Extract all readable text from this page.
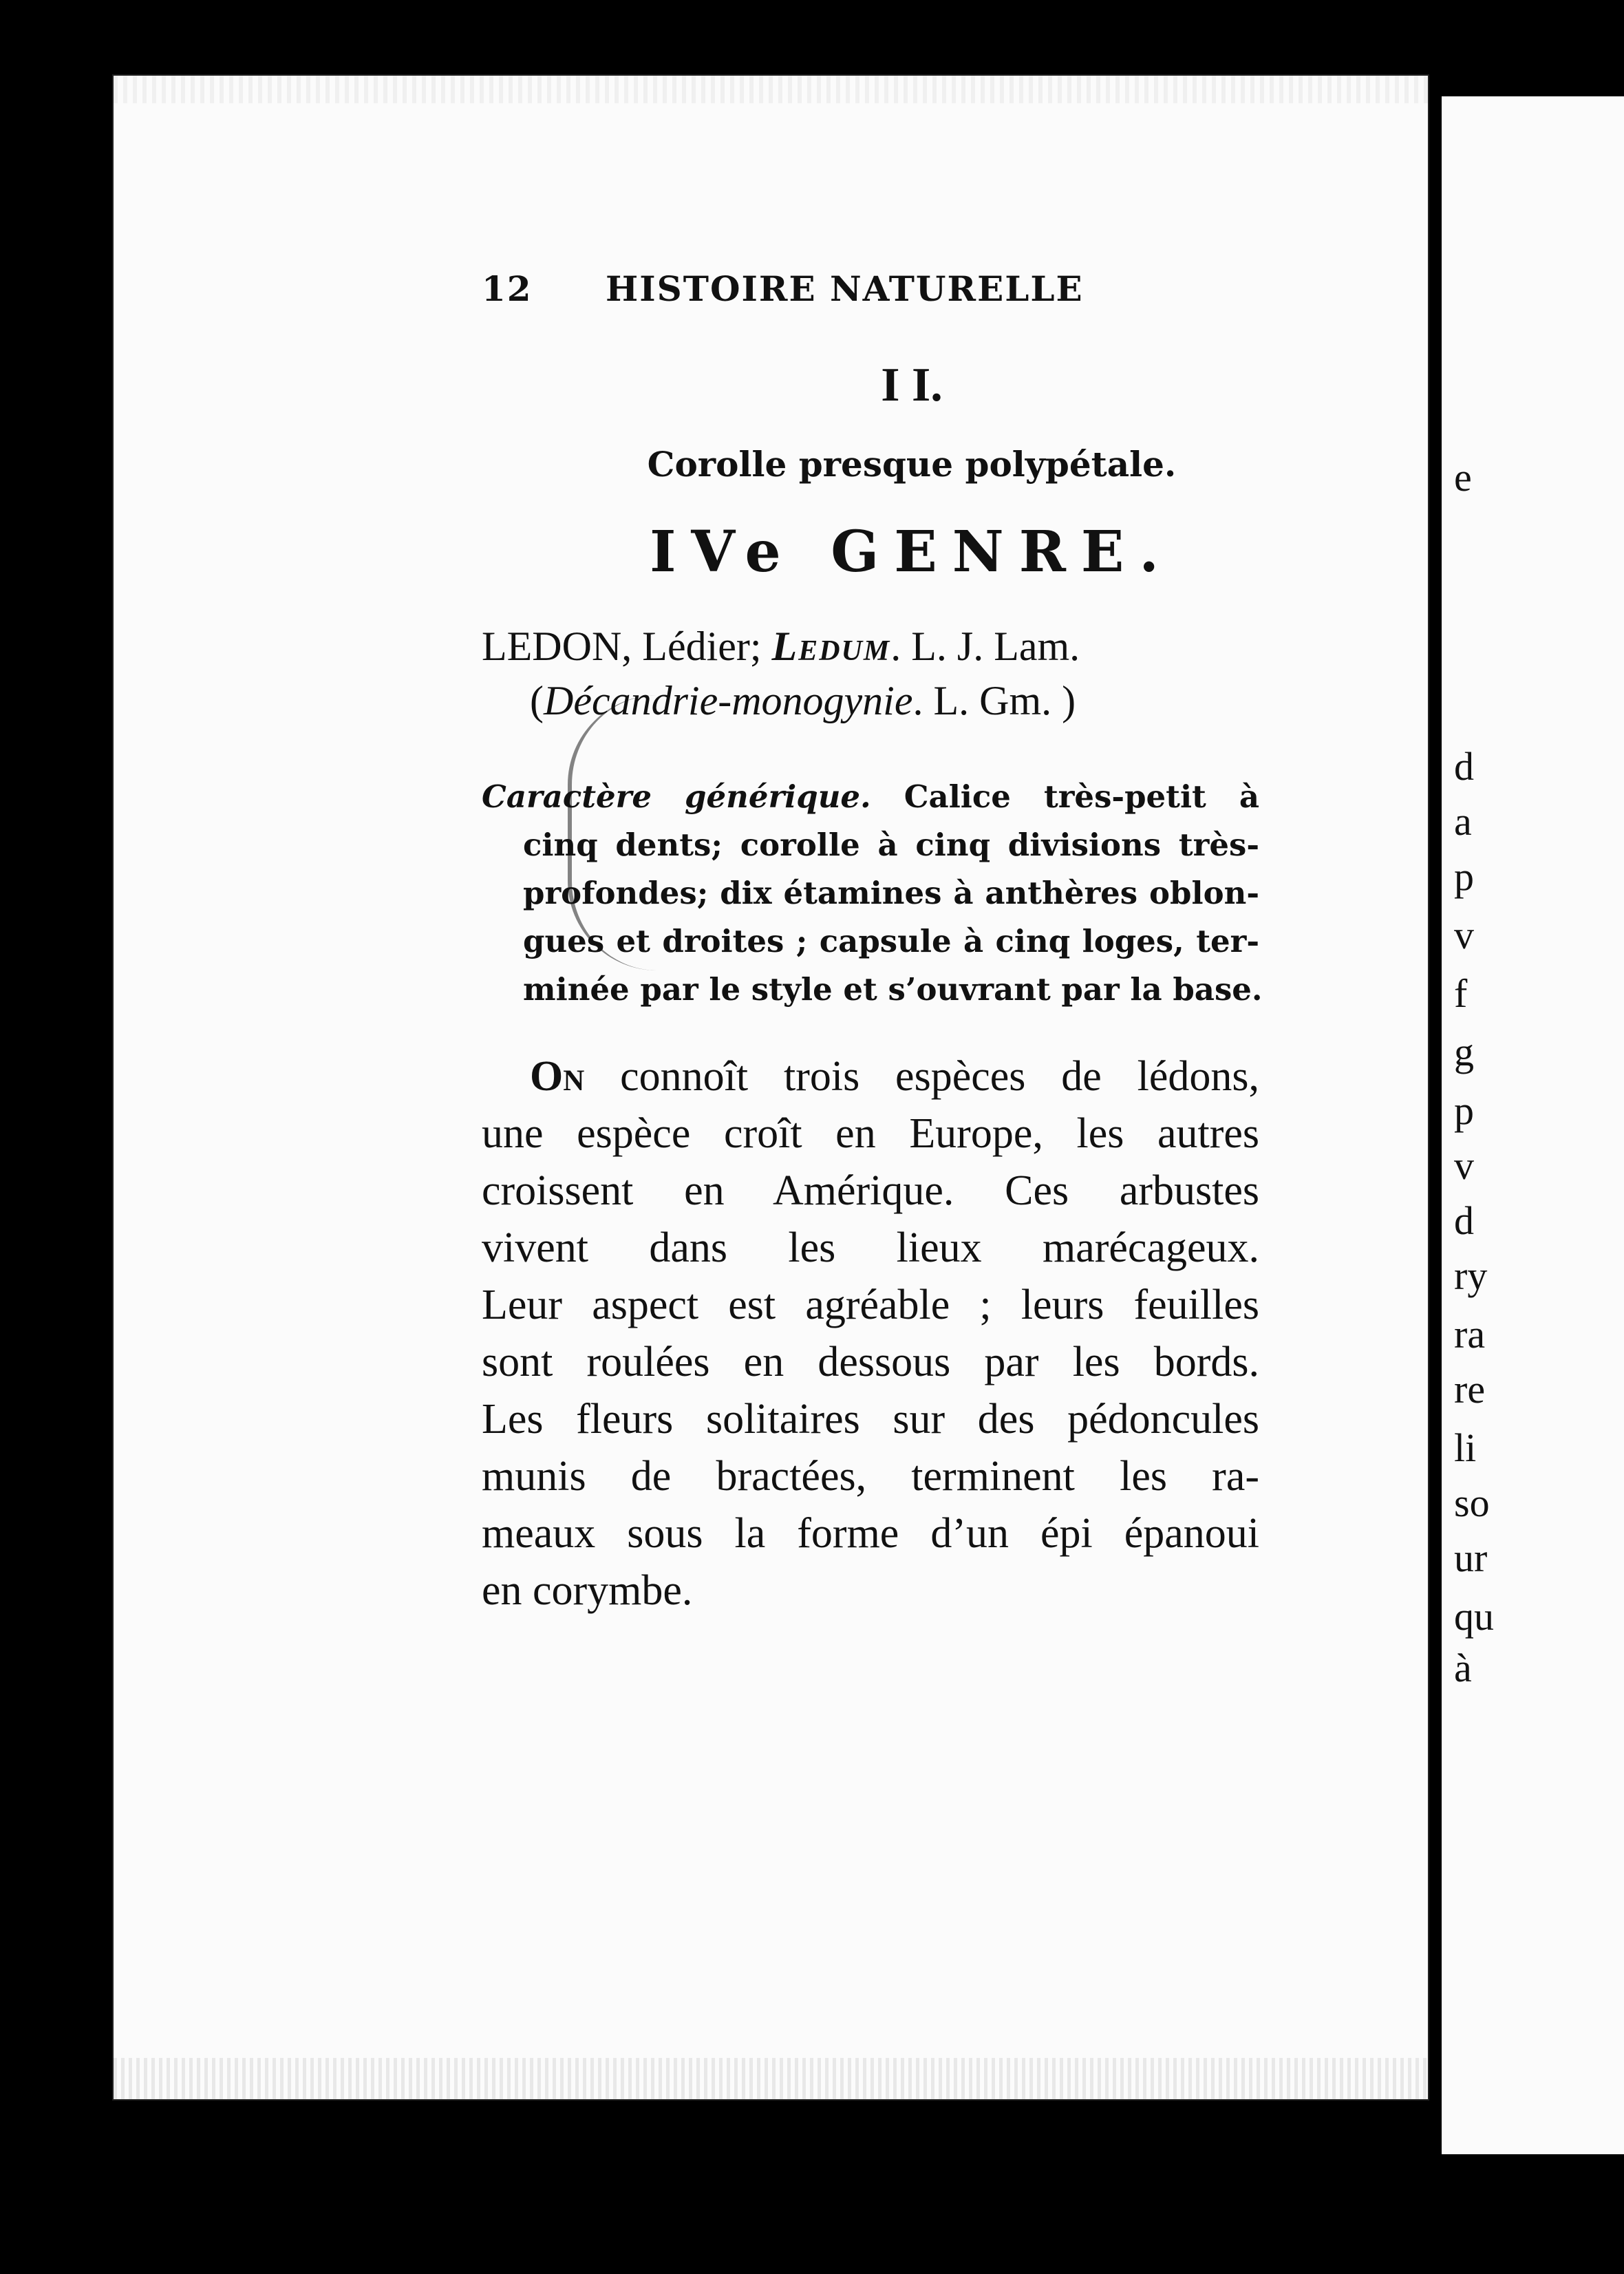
e
d
a
p
v
f
g
p
v
d
ry
ra
re
li
so
ur
qu
à
12	HISTOIRE NATURELLE
I I.
Corolle presque polypétale.
IVe GENRE.
LEDON, Lédier; Ledum. L. J. Lam.
(Décandrie-monogynie. L. Gm. )
Caractère générique. Calice très-petit à
cinq dents; corolle à cinq divisions très-
profondes; dix étamines à anthères oblon-
gues et droites ; capsule à cinq loges, ter-
minée par le style et s’ouvrant par la base.
On connoît trois espèces de lédons,
une espèce croît en Europe, les autres
croissent en Amérique. Ces arbustes
vivent dans les lieux marécageux.
Leur aspect est agréable ; leurs feuilles
sont roulées en dessous par les bords.
Les fleurs solitaires sur des pédoncules
munis de bractées, terminent les ra-
meaux sous la forme d’un épi épanoui
en corymbe.
